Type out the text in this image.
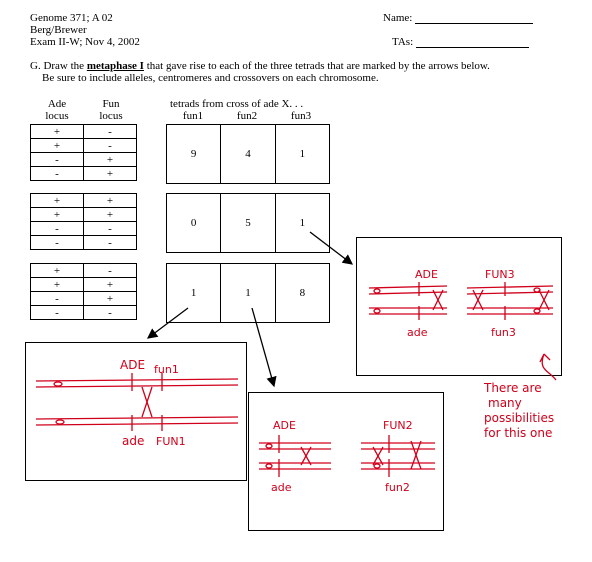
Genome 371; A 02
Berg/Brewer
Exam II-W; Nov 4, 2002
Name:
TAs:
G. Draw the metaphase I that gave rise to each of the three tetrads that are marked by the arrows below.
Be sure to include alleles, centromeres and crossovers on each chromosome.
Ade
locus
Fun
locus
tetrads from cross of ade X. . .
fun1	fun2	fun3
+	-
+	-
-	+
-	+
9	4	1
+	+
+	+
-	-
-	-
0	5	1
+	-
+	+
-	+
-	-
1	1	8
ADE	FUN3
ade	fun3
ADE fun1
ade FUN1
ADE	FUN2
ade	fun2
There are
many
possibilities
for this one
